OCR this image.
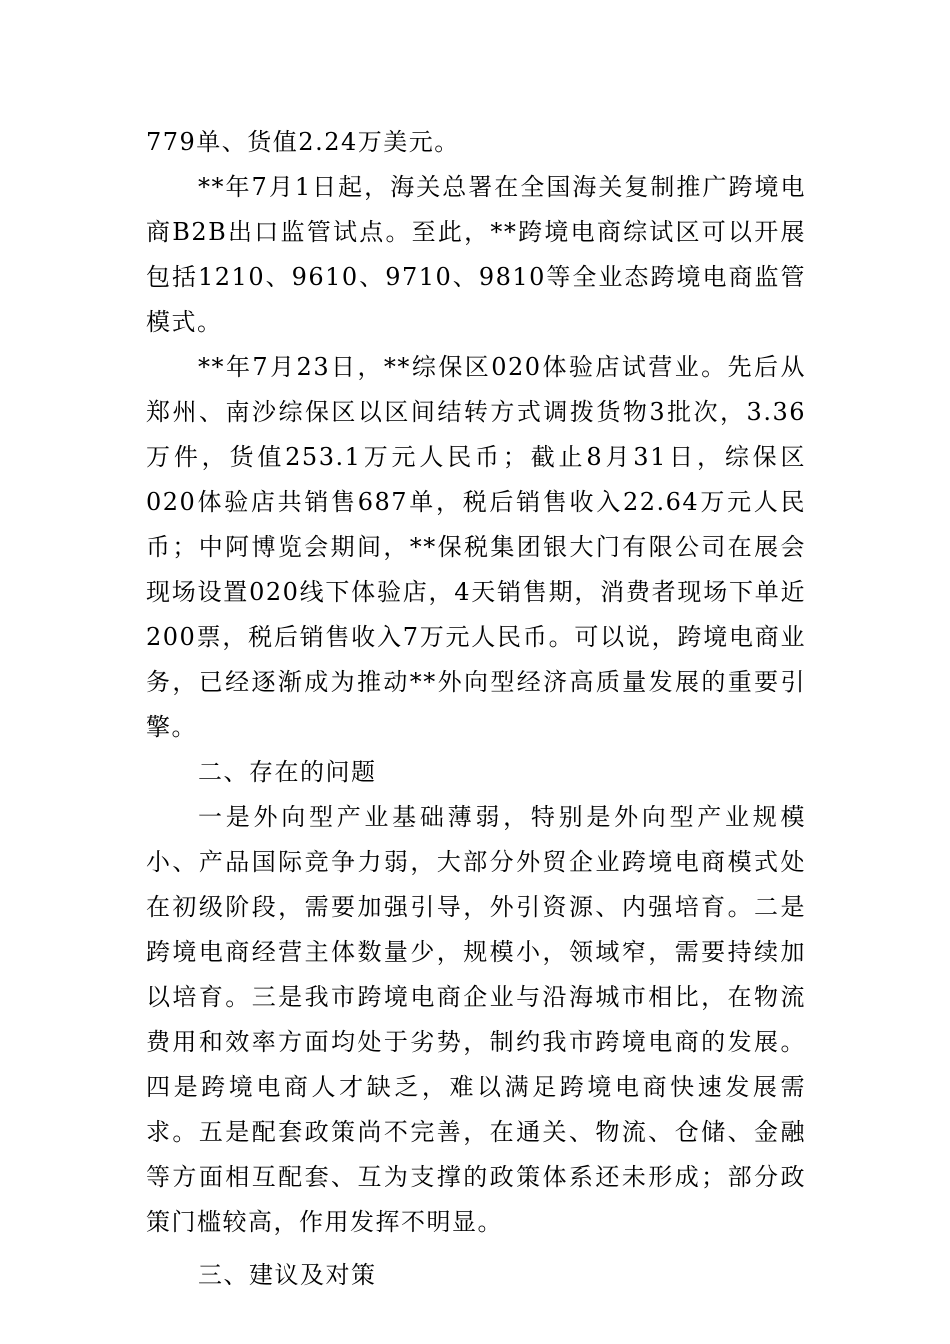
779单、货值2.24万美元。

**年7月1日起，海关总署在全国海关复制推广跨境电商B2B出口监管试点。至此，**跨境电商综试区可以开展包括1210、9610、9710、9810等全业态跨境电商监管模式。

**年7月23日，**综保区020体验店试营业。先后从郑州、南沙综保区以区间结转方式调拨货物3批次，3.36万件，货值253.1万元人民币；截止8月31日，综保区020体验店共销售687单，税后销售收入22.64万元人民币；中阿博览会期间，**保税集团银大门有限公司在展会现场设置020线下体验店，4天销售期，消费者现场下单近200票，税后销售收入7万元人民币。可以说，跨境电商业务，已经逐渐成为推动**外向型经济高质量发展的重要引擎。

二、存在的问题

一是外向型产业基础薄弱，特别是外向型产业规模小、产品国际竞争力弱，大部分外贸企业跨境电商模式处在初级阶段，需要加强引导，外引资源、内强培育。二是跨境电商经营主体数量少，规模小，领域窄，需要持续加以培育。三是我市跨境电商企业与沿海城市相比，在物流费用和效率方面均处于劣势，制约我市跨境电商的发展。四是跨境电商人才缺乏，难以满足跨境电商快速发展需求。五是配套政策尚不完善，在通关、物流、仓储、金融等方面相互配套、互为支撑的政策体系还未形成；部分政策门槛较高，作用发挥不明显。

三、建议及对策
